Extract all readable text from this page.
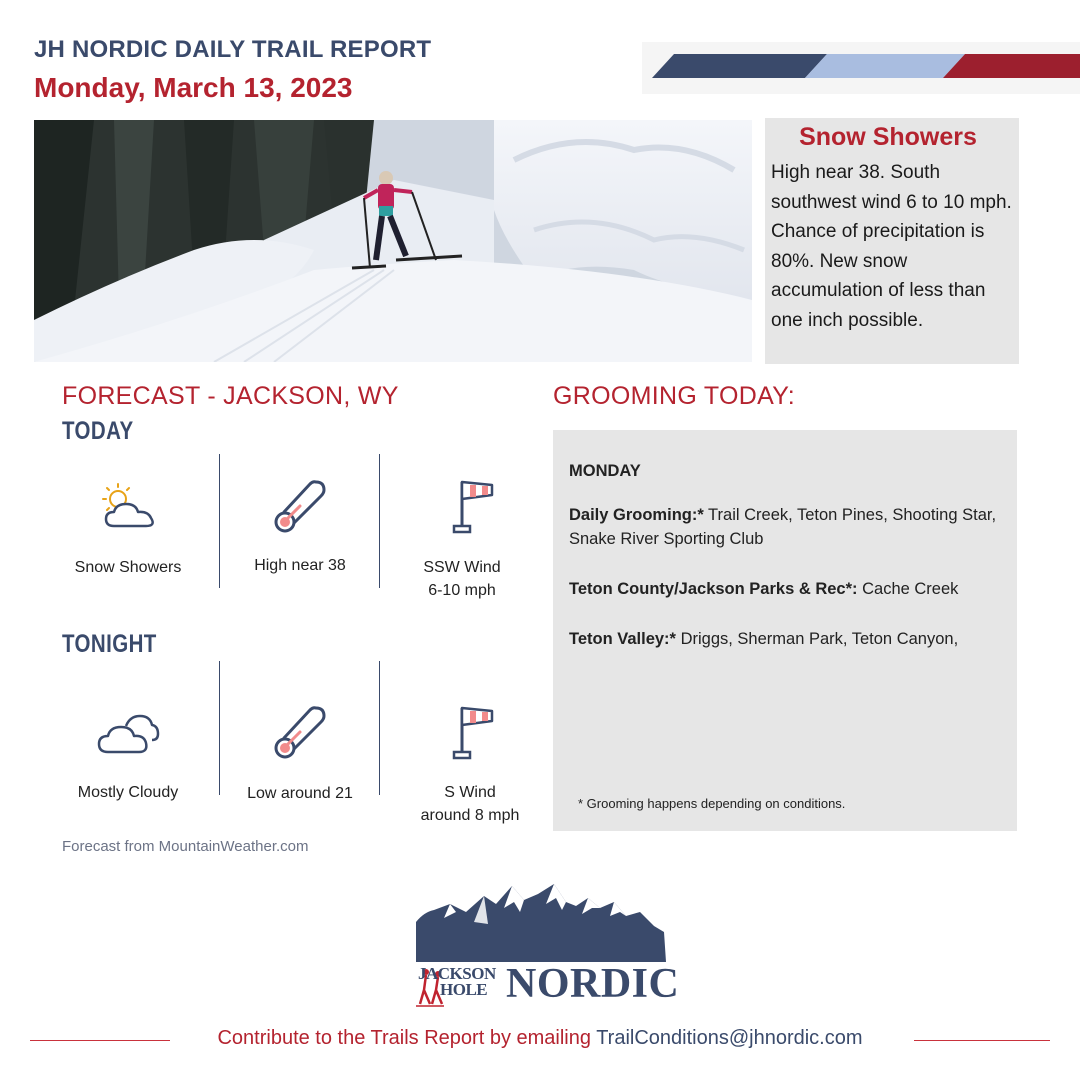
JH NORDIC DAILY TRAIL REPORT
Monday, March 13, 2023
Snow Showers
High near 38. South southwest wind 6 to 10 mph. Chance of precipitation is 80%. New snow accumulation of less than one inch possible.
FORECAST - JACKSON, WY
TODAY
Snow Showers	High near 38	SSW Wind
6-10 mph
TONIGHT
Mostly Cloudy	Low around 21	S Wind
around 8 mph
Forecast from MountainWeather.com
GROOMING TODAY:
MONDAY
Daily Grooming:* Trail Creek, Teton Pines, Shooting Star, Snake River Sporting Club
Teton County/Jackson Parks & Rec*: Cache Creek
Teton Valley:* Driggs, Sherman Park, Teton Canyon,
* Grooming happens depending on conditions.
JACKSON
HOLE NORDIC
Contribute to the Trails Report by emailing TrailConditions@jhnordic.com
